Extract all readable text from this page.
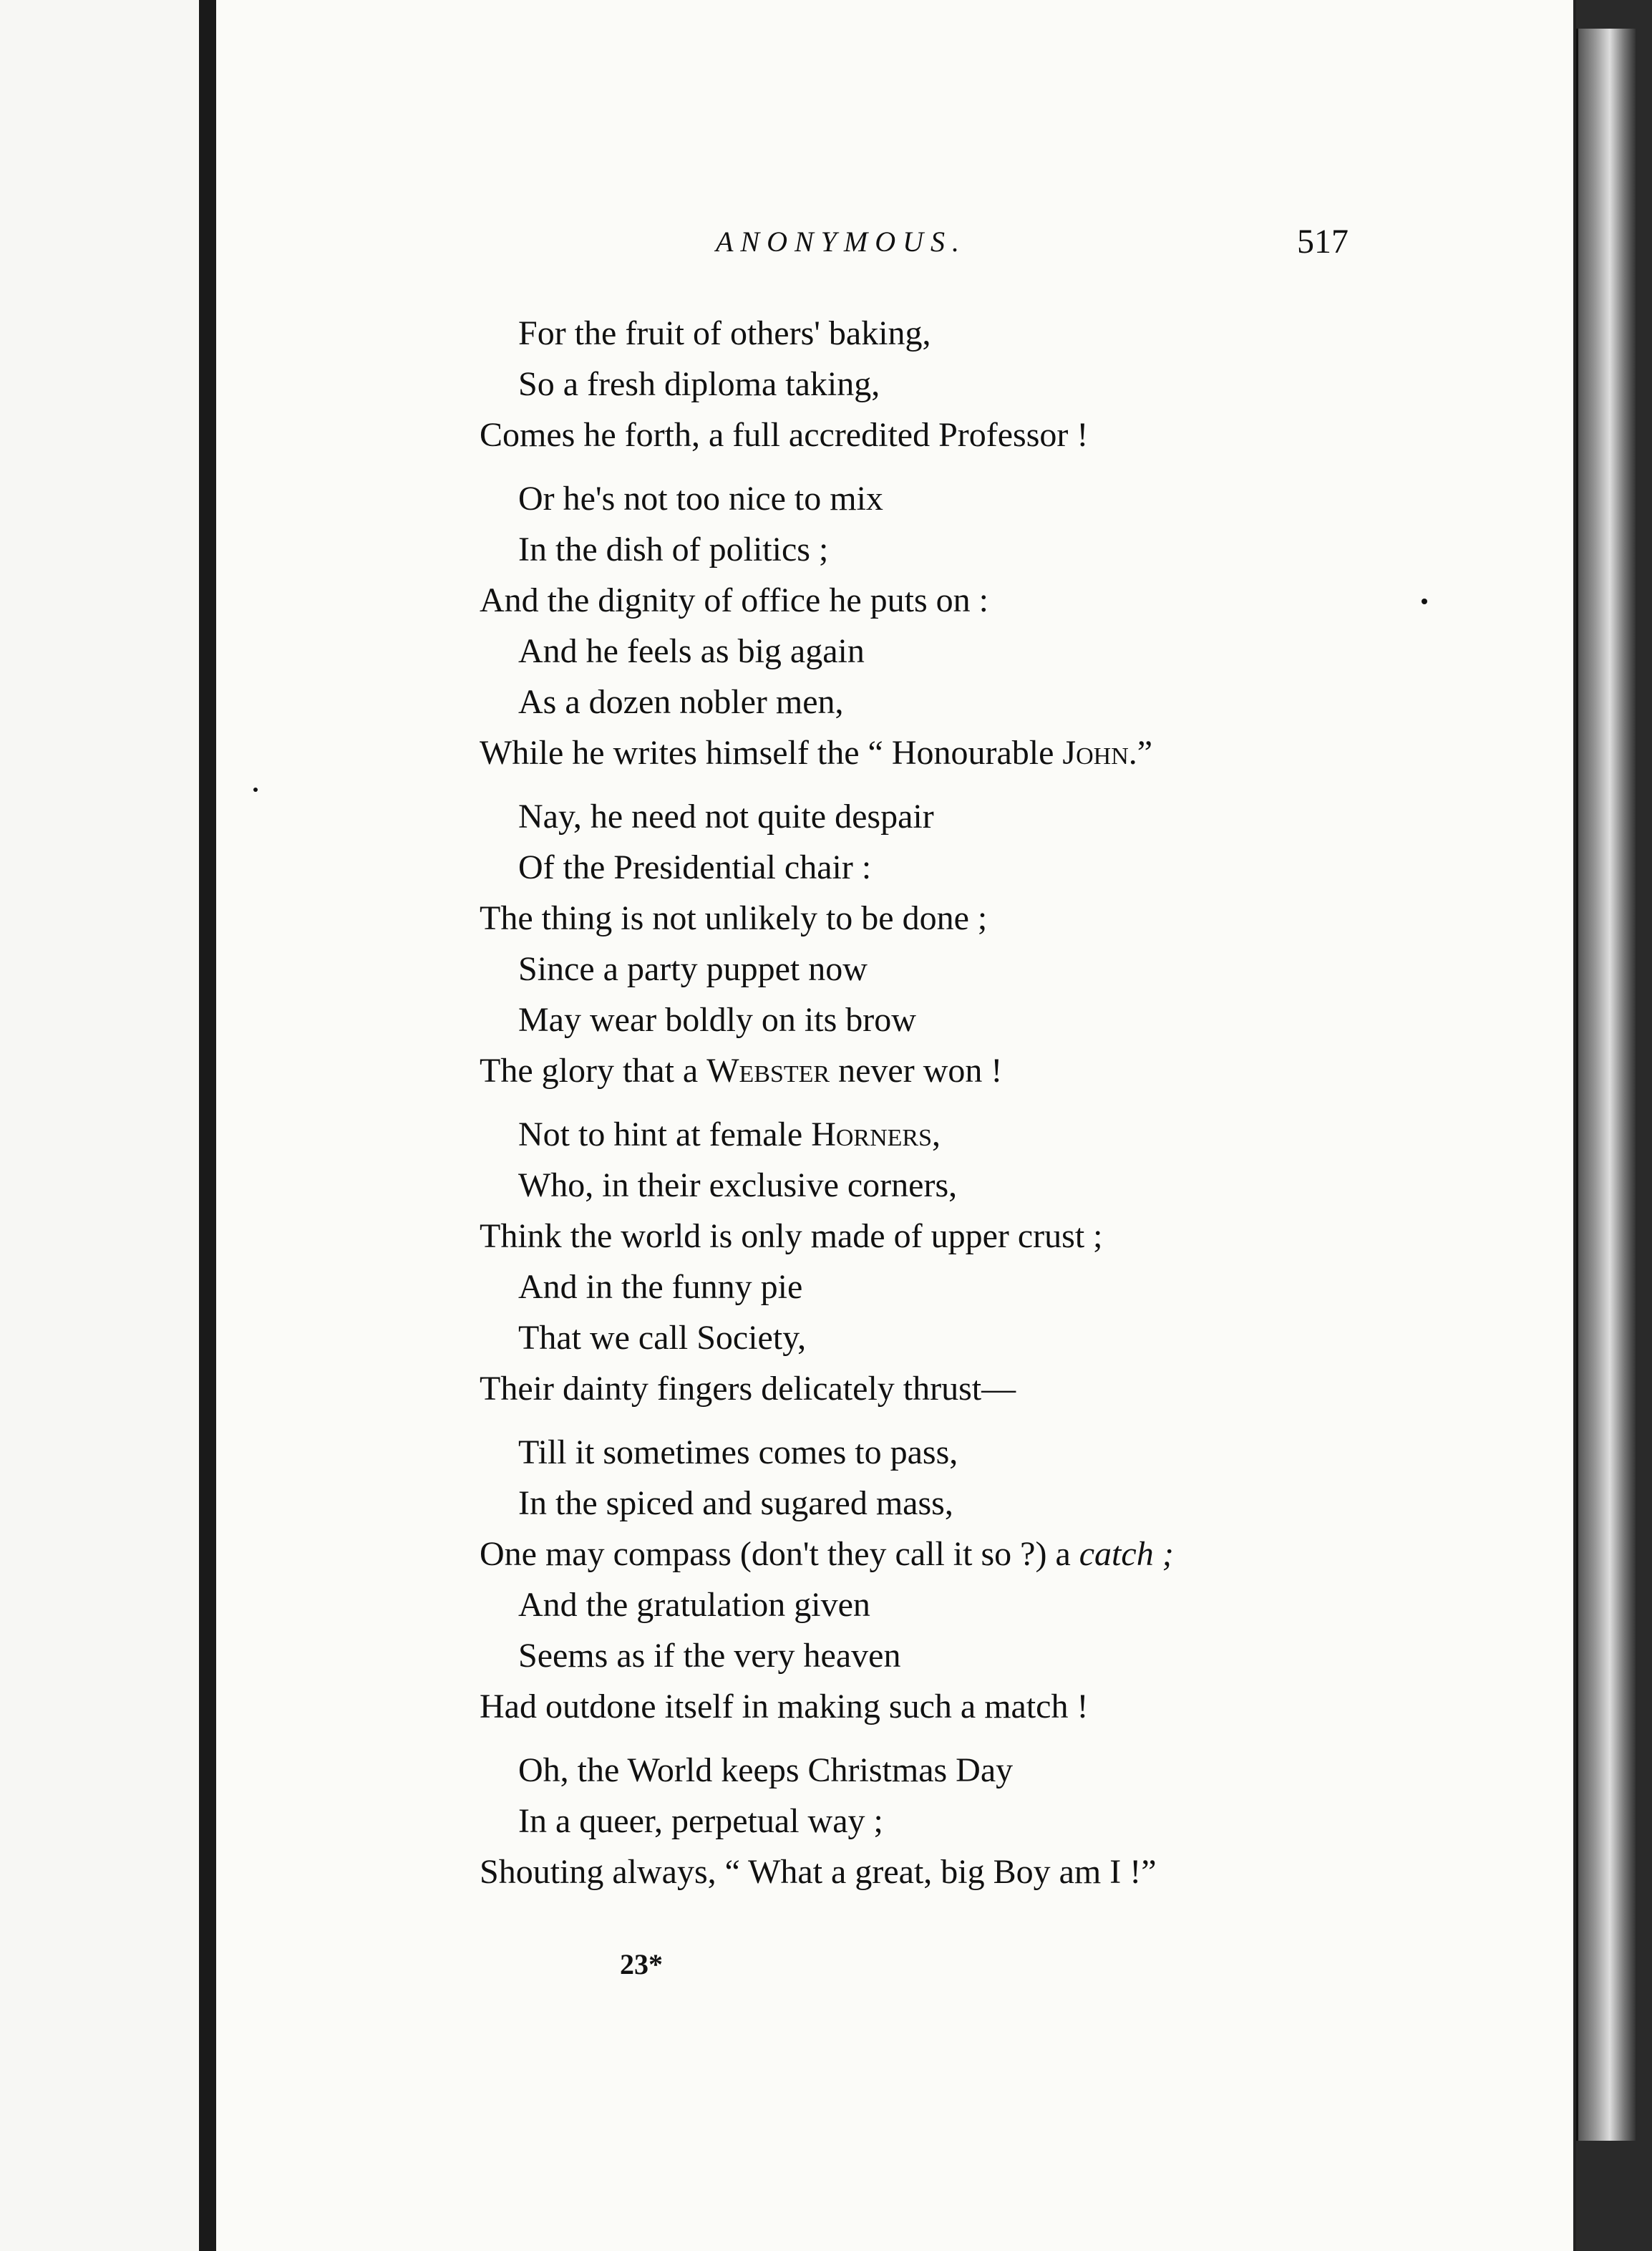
ANONYMOUS.	517
For the fruit of others' baking,
So a fresh diploma taking,
Comes he forth, a full accredited Professor !
Or he's not too nice to mix
In the dish of politics ;
And the dignity of office he puts on :
And he feels as big again
As a dozen nobler men,
While he writes himself the “ Honourable John.”
Nay, he need not quite despair
Of the Presidential chair :
The thing is not unlikely to be done ;
Since a party puppet now
May wear boldly on its brow
The glory that a Webster never won !
Not to hint at female Horners,
Who, in their exclusive corners,
Think the world is only made of upper crust ;
And in the funny pie
That we call Society,
Their dainty fingers delicately thrust—
Till it sometimes comes to pass,
In the spiced and sugared mass,
One may compass (don't they call it so ?) a catch ;
And the gratulation given
Seems as if the very heaven
Had outdone itself in making such a match !
Oh, the World keeps Christmas Day
In a queer, perpetual way ;
Shouting always, “ What a great, big Boy am I !”
23*
